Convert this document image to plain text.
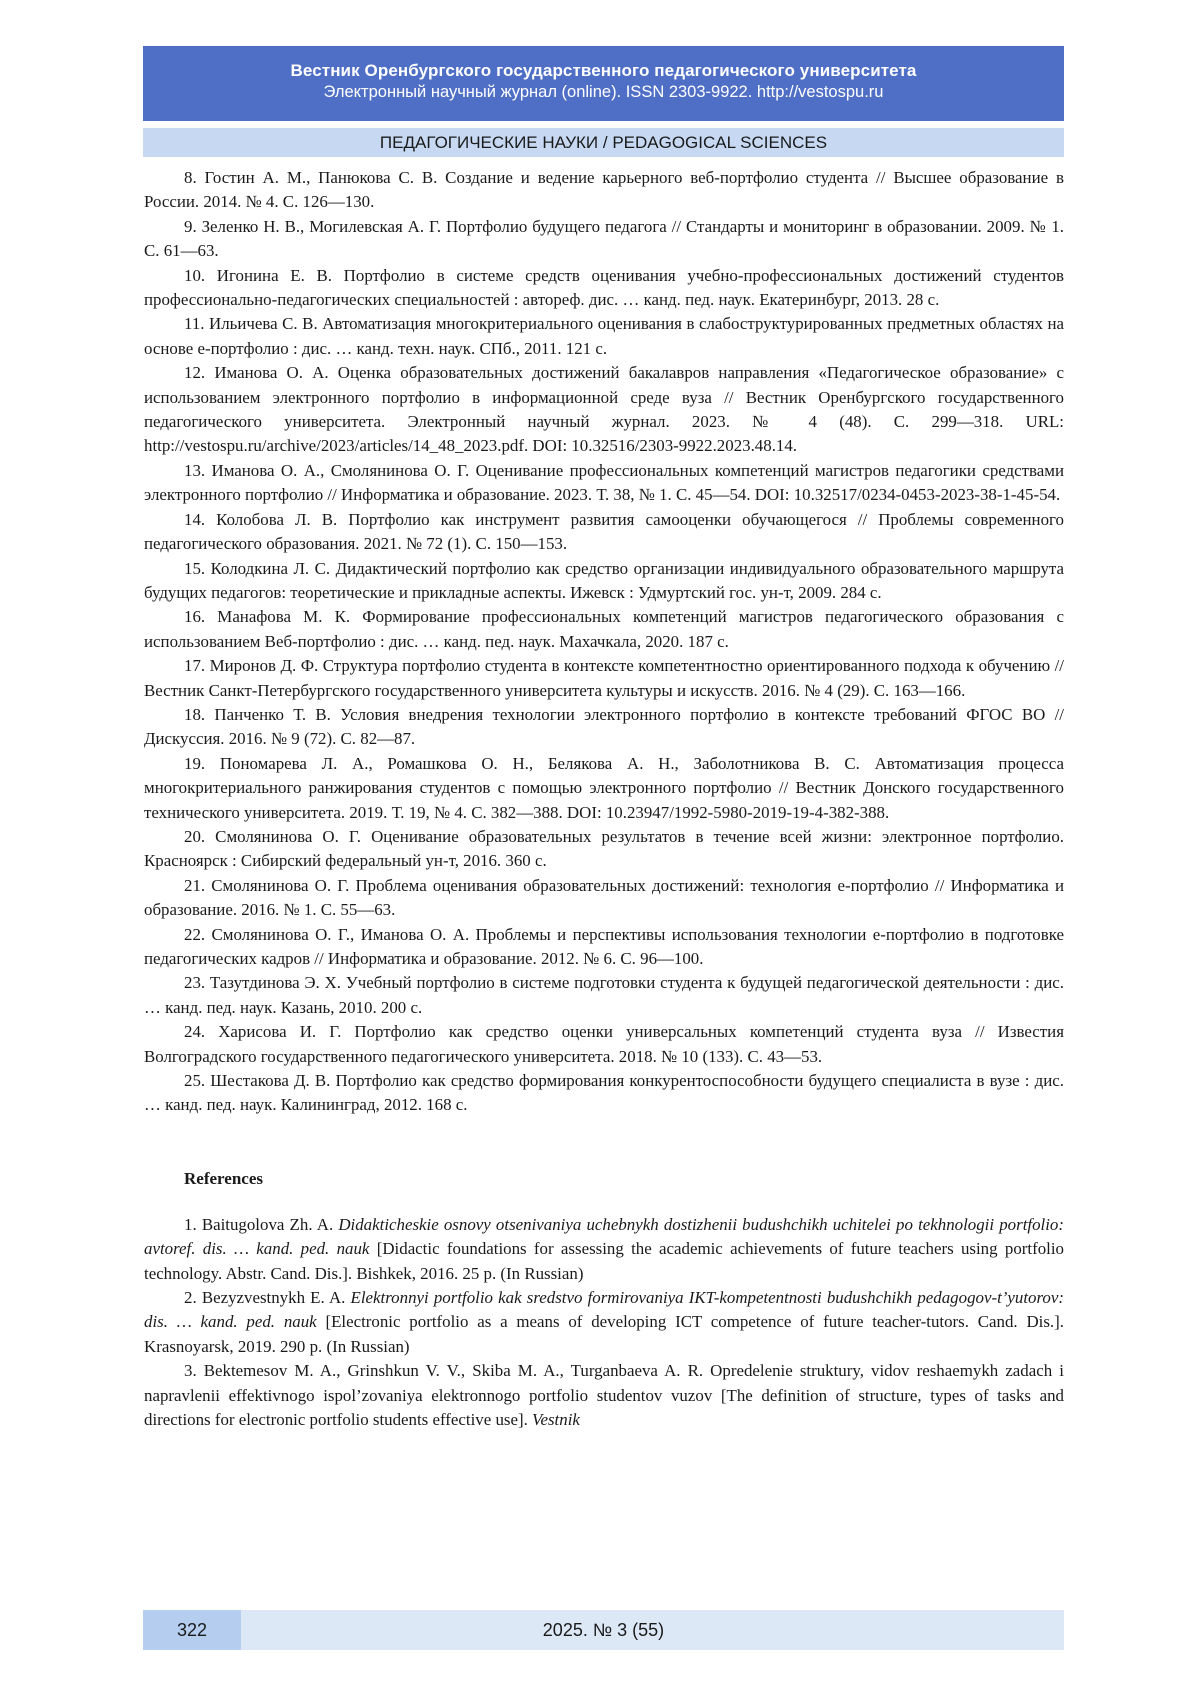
Вестник Оренбургского государственного педагогического университета
Электронный научный журнал (online). ISSN 2303-9922. http://vestospu.ru
ПЕДАГОГИЧЕСКИЕ НАУКИ / PEDAGOGICAL SCIENCES

8. Гостин А. М., Панюкова С. В. Создание и ведение карьерного веб-портфолио студента // Высшее образование в России. 2014. № 4. С. 126—130.

9. Зеленко Н. В., Могилевская А. Г. Портфолио будущего педагога // Стандарты и мониторинг в образовании. 2009. № 1. С. 61—63.

10. Игонина Е. В. Портфолио в системе средств оценивания учебно-профессиональных достижений студентов профессионально-педагогических специальностей : автореф. дис. … канд. пед. наук. Екатеринбург, 2013. 28 с.

11. Ильичева С. В. Автоматизация многокритериального оценивания в слабоструктурированных предметных областях на основе е-портфолио : дис. … канд. техн. наук. СПб., 2011. 121 с.

12. Иманова О. А. Оценка образовательных достижений бакалавров направления «Педагогическое образование» с использованием электронного портфолио в информационной среде вуза // Вестник Оренбургского государственного педагогического университета. Электронный научный журнал. 2023. № 4 (48). С. 299—318. URL: http://vestospu.ru/archive/2023/articles/14_48_2023.pdf. DOI: 10.32516/2303-9922.2023.48.14.

13. Иманова О. А., Смолянинова О. Г. Оценивание профессиональных компетенций магистров педагогики средствами электронного портфолио // Информатика и образование. 2023. Т. 38, № 1. С. 45—54. DOI: 10.32517/0234-0453-2023-38-1-45-54.

14. Колобова Л. В. Портфолио как инструмент развития самооценки обучающегося // Проблемы современного педагогического образования. 2021. № 72 (1). С. 150—153.

15. Колодкина Л. С. Дидактический портфолио как средство организации индивидуального образовательного маршрута будущих педагогов: теоретические и прикладные аспекты. Ижевск : Удмуртский гос. ун-т, 2009. 284 с.

16. Манафова М. К. Формирование профессиональных компетенций магистров педагогического образования с использованием Веб-портфолио : дис. … канд. пед. наук. Махачкала, 2020. 187 с.

17. Миронов Д. Ф. Структура портфолио студента в контексте компетентностно ориентированного подхода к обучению // Вестник Санкт-Петербургского государственного университета культуры и искусств. 2016. № 4 (29). С. 163—166.

18. Панченко Т. В. Условия внедрения технологии электронного портфолио в контексте требований ФГОС ВО // Дискуссия. 2016. № 9 (72). С. 82—87.

19. Пономарева Л. А., Ромашкова О. Н., Белякова А. Н., Заболотникова В. С. Автоматизация процесса многокритериального ранжирования студентов с помощью электронного портфолио // Вестник Донского государственного технического университета. 2019. Т. 19, № 4. С. 382—388. DOI: 10.23947/1992-5980-2019-19-4-382-388.

20. Смолянинова О. Г. Оценивание образовательных результатов в течение всей жизни: электронное портфолио. Красноярск : Сибирский федеральный ун-т, 2016. 360 с.

21. Смолянинова О. Г. Проблема оценивания образовательных достижений: технология е-портфолио // Информатика и образование. 2016. № 1. С. 55—63.

22. Смолянинова О. Г., Иманова О. А. Проблемы и перспективы использования технологии е-портфолио в подготовке педагогических кадров // Информатика и образование. 2012. № 6. С. 96—100.

23. Тазутдинова Э. Х. Учебный портфолио в системе подготовки студента к будущей педагогической деятельности : дис. … канд. пед. наук. Казань, 2010. 200 с.

24. Харисова И. Г. Портфолио как средство оценки универсальных компетенций студента вуза // Известия Волгоградского государственного педагогического университета. 2018. № 10 (133). С. 43—53.

25. Шестакова Д. В. Портфолио как средство формирования конкурентоспособности будущего специалиста в вузе : дис. … канд. пед. наук. Калининград, 2012. 168 с.

References

1. Baitugolova Zh. A. Didakticheskie osnovy otsenivaniya uchebnykh dostizhenii budushchikh uchitelei po tekhnologii portfolio: avtoref. dis. … kand. ped. nauk [Didactic foundations for assessing the academic achievements of future teachers using portfolio technology. Abstr. Cand. Dis.]. Bishkek, 2016. 25 p. (In Russian)

2. Bezyzvestnykh E. A. Elektronnyi portfolio kak sredstvo formirovaniya IKT-kompetentnosti budushchikh pedagogov-t’yutorov: dis. … kand. ped. nauk [Electronic portfolio as a means of developing ICT competence of future teacher-tutors. Cand. Dis.]. Krasnoyarsk, 2019. 290 p. (In Russian)

3. Bektemesov M. A., Grinshkun V. V., Skiba M. A., Turganbaeva A. R. Opredelenie struktury, vidov reshaemykh zadach i napravlenii effektivnogo ispol’zovaniya elektronnogo portfolio studentov vuzov [The definition of structure, types of tasks and directions for electronic portfolio students effective use]. Vestnik

2025. № 3 (55)
322
